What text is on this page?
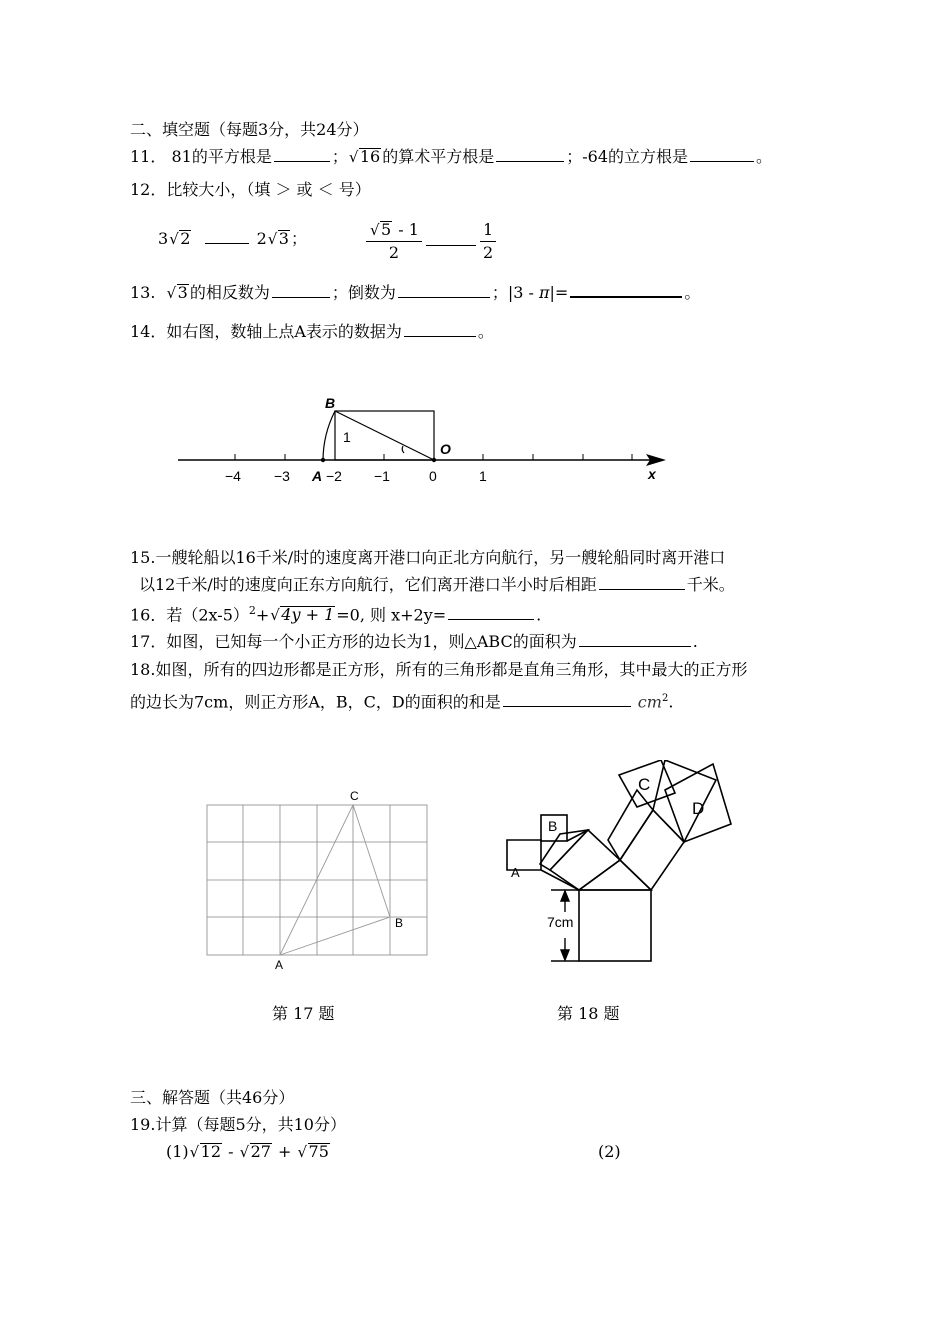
二、填空题（每题3分，共24分）
11． 81的平方根是	； √ 16 的算术平方根是	；-64的立方根是	。
12．比较大小，（填 ＞ 或 ＜ 号）
3 √ 2	2 √ 3 ；	$\frac{√ 5 - 1}{2}$	$\frac{1}{2}$
13. √ 3 的相反数为	；倒数为	；|3 - π|=	。
14．如右图，数轴上点A表示的数据为	。
B
O
1
x
A
−4 −3	−2 −1	0	1
15.一艘轮船以16千米/时的速度离开港口向正北方向航行，另一艘轮船同时离开港口
以12千米/时的速度向正东方向航行，它们离开港口半小时后相距	千米。
16．若$(2x-5)^2+$ √ 4y + 1 =0, 则 x+2y=	.
17．如图，已知每一个小正方形的边长为1，则△ABC的面积为	.
18.如图，所有的四边形都是正方形，所有的三角形都是直角三角形，其中最大的正方形
的边长为7cm，则正方形A，B，C，D的面积的和是	$cm^2$.
C
B
A
第 17 题
7cm
C
D
B
A
第 18 题
三、解答题（共46分）
19.计算（每题5分，共10分）
(1) √ 12 - √ 27 + √ 75	(2)
